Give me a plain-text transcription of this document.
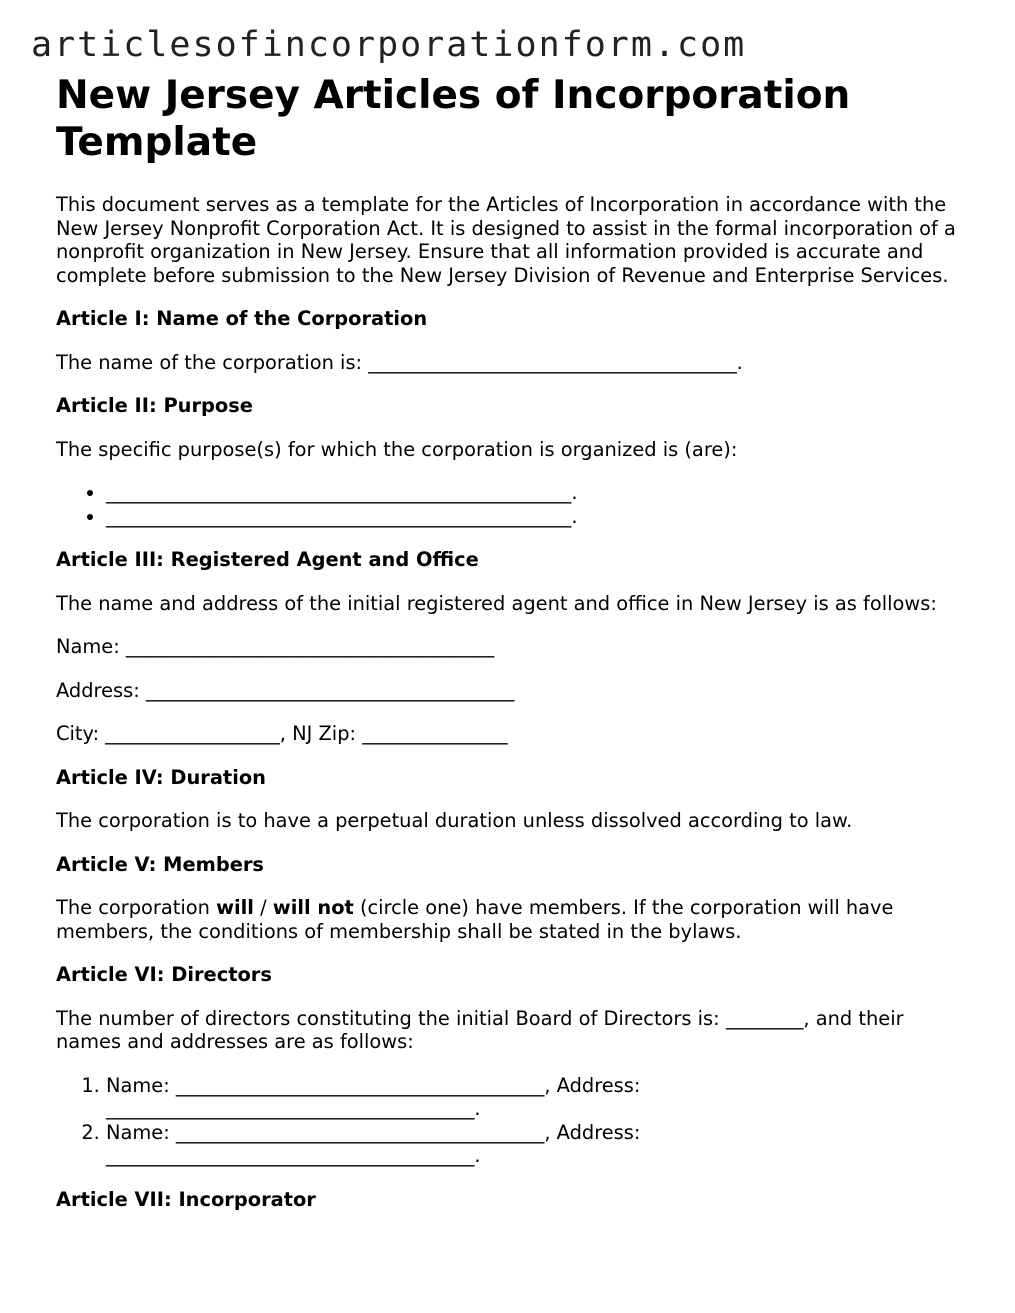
articlesofincorporationform.com
New Jersey Articles of Incorporation Template

This document serves as a template for the Articles of Incorporation in accordance with the New Jersey Nonprofit Corporation Act. It is designed to assist in the formal incorporation of a nonprofit organization in New Jersey. Ensure that all information provided is accurate and complete before submission to the New Jersey Division of Revenue and Enterprise Services.

Article I: Name of the Corporation

The name of the corporation is: ______________________________________.

Article II: Purpose

The specific purpose(s) for which the corporation is organized is (are):

• ________________________________________________.
• ________________________________________________.
Article III: Registered Agent and Office

The name and address of the initial registered agent and office in New Jersey is as follows:

Name: ______________________________________

Address: ______________________________________

City: __________________, NJ Zip: _______________

Article IV: Duration

The corporation is to have a perpetual duration unless dissolved according to law.

Article V: Members

The corporation will / will not (circle one) have members. If the corporation will have members, the conditions of membership shall be stated in the bylaws.

Article VI: Directors

The number of directors constituting the initial Board of Directors is: ________, and their names and addresses are as follows:

1. Name: ______________________________________, Address: ______________________________________.
2. Name: ______________________________________, Address: ______________________________________.
Article VII: Incorporator
